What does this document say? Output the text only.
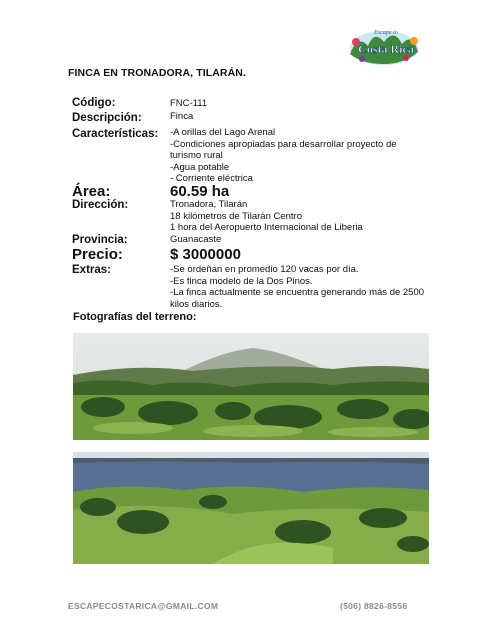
Escape to
Costa Rica
FINCA EN TRONADORA, TILARÁN.
Código:	FNC-111
Descripción:	Finca
Características: -A orillas del Lago Arenal
-Condiciones apropiadas para desarrollar proyecto de
turismo rural
-Agua potable
- Corriente eléctrica
Área:	60.59 ha
Dirección:	Tronadora, Tilarán
18 kilómetros de Tilarán Centro
1 hora del Aeropuerto Internacional de Liberia
Provincia:	Guanacaste
Precio:	$ 3000000
Extras:	-Se ordeñan en promedio 120 vacas por día.
-Es finca modelo de la Dos Pinos.
-La finca actualmente se encuentra generando más de 2500
kilos diarios.
Fotografías del terreno:
ESCAPECOSTARICA@GMAIL.COM	(506) 8826-8556
